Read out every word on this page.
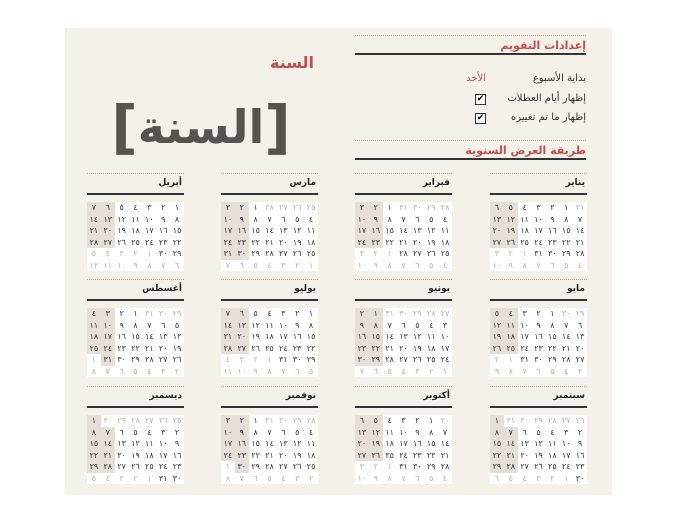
السنة
[
السنة
]
إعدادات التقويم
بداية الأسبوع
الأحد
إظهار أيام العطلات
✔
إظهار ما تم تغييره
✔
طريقة العرض السنوية
يناير
٣١
١
٢
٣
٤
٥
٦
٧
٨
٩
١٠
١١
١٢
١٣
١٤
١٥
١٦
١٧
١٨
١٩
٢٠
٢١
٢٢
٢٣
٢٤
٢٥
٢٦
٢٧
٢٨
٢٩
٣٠
٣١
١
٢
٣
٤
٥
٦
٧
٨
٩
١٠
فبراير
٢٨
٢٩
٣٠
٣١
١
٢
٣
٤
٥
٦
٧
٨
٩
١٠
١١
١٢
١٣
١٤
١٥
١٦
١٧
١٨
١٩
٢٠
٢١
٢٢
٢٣
٢٤
٢٥
٢٦
٢٧
٢٨
١
٢
٣
٤
٥
٦
٧
٨
٩
١٠
مارس
٢٥
٢٦
٢٧
٢٨
١
٢
٣
٤
٥
٦
٧
٨
٩
١٠
١١
١٢
١٣
١٤
١٥
١٦
١٧
١٨
١٩
٢٠
٢١
٢٢
٢٣
٢٤
٢٥
٢٦
٢٧
٢٨
٢٩
٣٠
٣١
١
٢
٣
٤
٥
٦
٧
أبريل
١
٢
٣
٤
٥
٦
٧
٨
٩
١٠
١١
١٢
١٣
١٤
١٥
١٦
١٧
١٨
١٩
٢٠
٢١
٢٢
٢٣
٢٤
٢٥
٢٦
٢٧
٢٨
٢٩
٣٠
١
٢
٣
٤
٥
٦
٧
٨
٩
١٠
١١
١٢
مايو
٢٩
٣٠
١
٢
٣
٤
٥
٦
٧
٨
٩
١٠
١١
١٢
١٣
١٤
١٥
١٦
١٧
١٨
١٩
٢٠
٢١
٢٢
٢٣
٢٤
٢٥
٢٦
٢٧
٢٨
٢٩
٣٠
٣١
١
٢
٣
٤
٥
٦
٧
٨
٩
يونيو
٢٧
٢٨
٢٩
٣٠
٣١
١
٢
٣
٤
٥
٦
٧
٨
٩
١٠
١١
١٢
١٣
١٤
١٥
١٦
١٧
١٨
١٩
٢٠
٢١
٢٢
٢٣
٢٤
٢٥
٢٦
٢٧
٢٨
٢٩
٣٠
١
٢
٣
٤
٥
٦
٧
يوليو
١
٢
٣
٤
٥
٦
٧
٨
٩
١٠
١١
١٢
١٣
١٤
١٥
١٦
١٧
١٨
١٩
٢٠
٢١
٢٢
٢٣
٢٤
٢٥
٢٦
٢٧
٢٨
٢٩
٣٠
٣١
١
٢
٣
٤
٥
٦
٧
٨
٩
١٠
١١
أغسطس
٢٩
٣٠
٣١
١
٢
٣
٤
٥
٦
٧
٨
٩
١٠
١١
١٢
١٣
١٤
١٥
١٦
١٧
١٨
١٩
٢٠
٢١
٢٢
٢٣
٢٤
٢٥
٢٦
٢٧
٢٨
٢٩
٣٠
٣١
١
٢
٣
٤
٥
٦
٧
٨
سبتمبر
٢٦
٢٧
٢٨
٢٩
٣٠
٣١
١
٢
٣
٤
٥
٦
٧
٨
٩
١٠
١١
١٢
١٣
١٤
١٥
١٦
١٧
١٨
١٩
٢٠
٢١
٢٢
٢٣
٢٤
٢٥
٢٦
٢٧
٢٨
٢٩
٣٠
١
٢
٣
٤
٥
٦
أكتوبر
٣٠
١
٢
٣
٤
٥
٦
٧
٨
٩
١٠
١١
١٢
١٣
١٤
١٥
١٦
١٧
١٨
١٩
٢٠
٢١
٢٢
٢٣
٢٤
٢٥
٢٦
٢٧
٢٨
٢٩
٣٠
٣١
١
٢
٣
٤
٥
٦
٧
٨
٩
١٠
نوفمبر
٢٨
٢٩
٣٠
٣١
١
٢
٣
٤
٥
٦
٧
٨
٩
١٠
١١
١٢
١٣
١٤
١٥
١٦
١٧
١٨
١٩
٢٠
٢١
٢٢
٢٣
٢٤
٢٥
٢٦
٢٧
٢٨
٢٩
٣٠
١
٢
٣
٤
٥
٦
٧
٨
ديسمبر
٢٥
٢٦
٢٧
٢٨
٢٩
٣٠
١
٢
٣
٤
٥
٦
٧
٨
٩
١٠
١١
١٢
١٣
١٤
١٥
١٦
١٧
١٨
١٩
٢٠
٢١
٢٢
٢٣
٢٤
٢٥
٢٦
٢٧
٢٨
٢٩
٣٠
٣١
١
٢
٣
٤
٥
